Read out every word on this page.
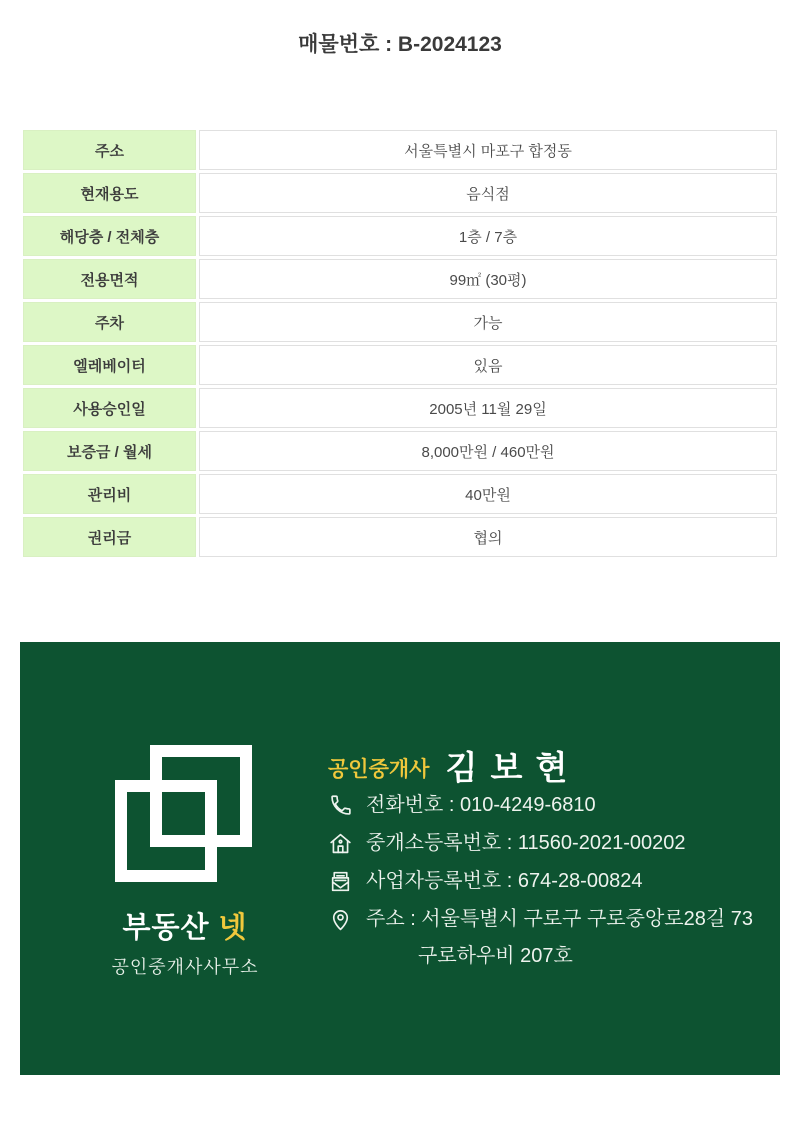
매물번호 : B-2024123
주소	서울특별시 마포구 합정동
현재용도	음식점
해당층 / 전체층	1층 / 7층
전용면적	99㎡ (30평)
주차	가능
엘레베이터	있음
사용승인일	2005년 11월 29일
보증금 / 월세	8,000만원 / 460만원
관리비	40만원
권리금	협의
부동산 넷
공인중개사사무소
공인중개사 김 보 현
전화번호 : 010-4249-6810
중개소등록번호 : 11560-2021-00202
사업자등록번호 : 674-28-00824
주소 : 서울특별시 구로구 구로중앙로28길 73
구로하우비 207호
